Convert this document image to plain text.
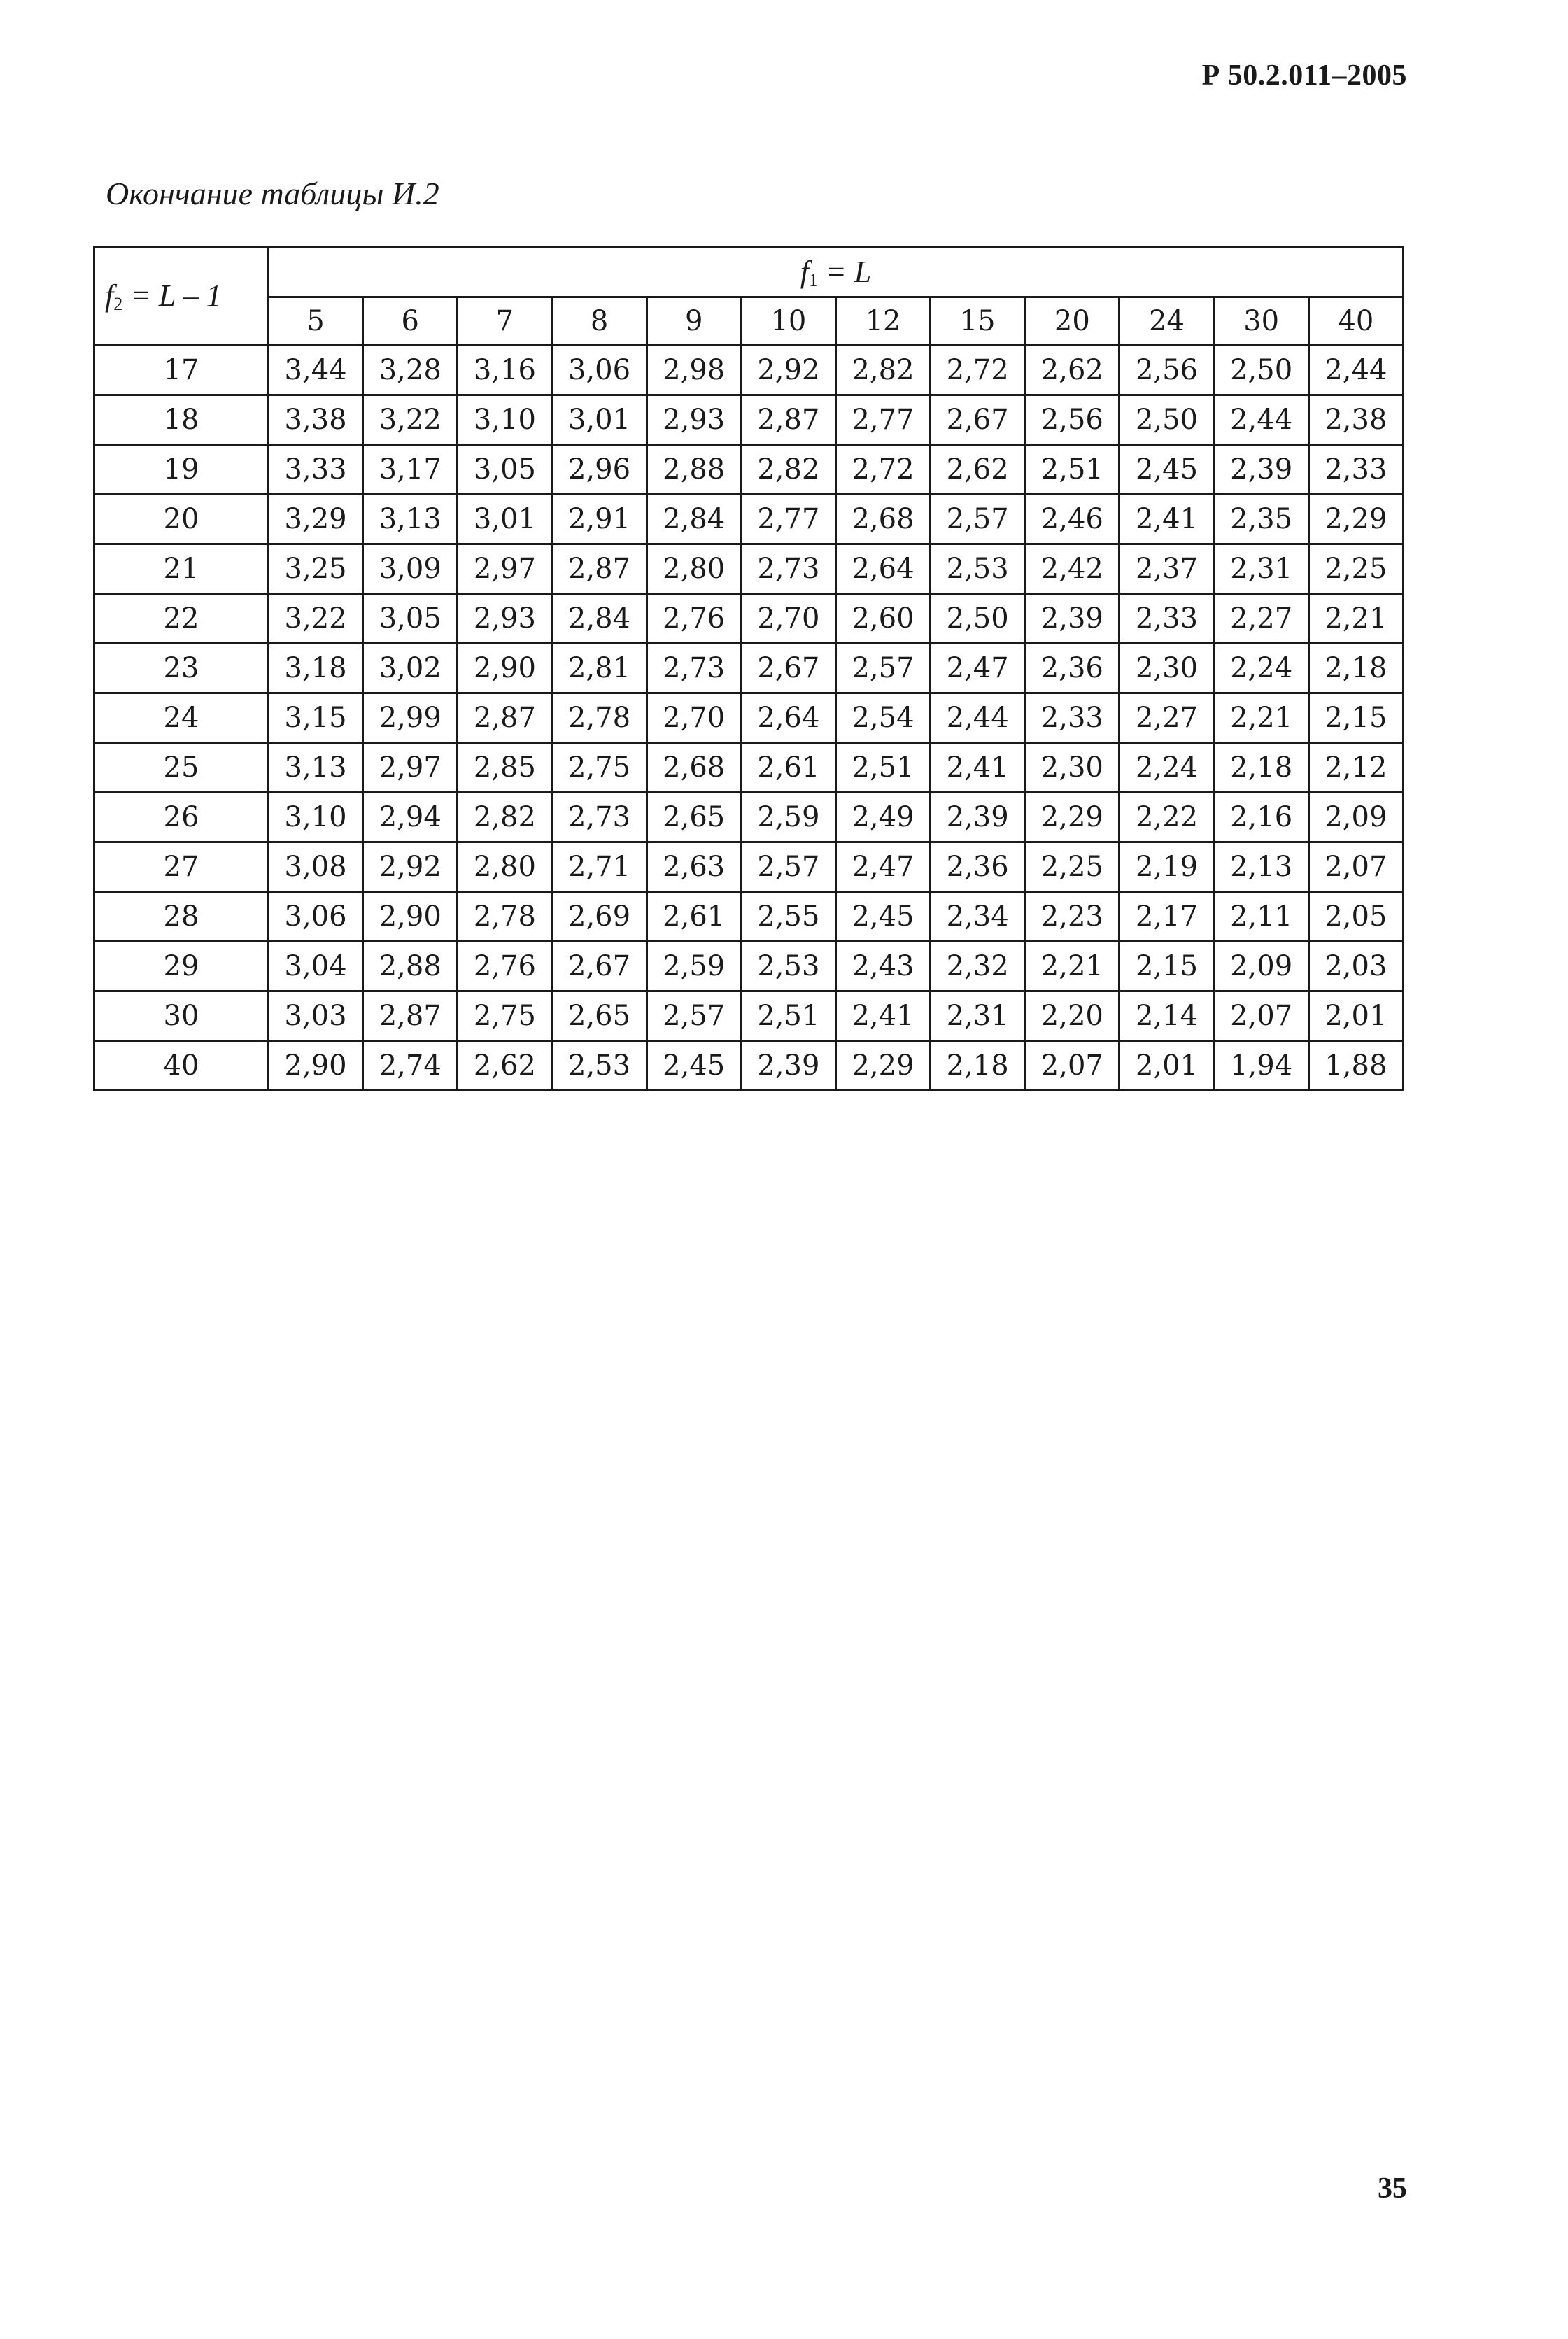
Р 50.2.011–2005
Окончание таблицы И.2
$f_2 = L - 1$	$f_1 = L$											
	5	6	7	8	9	10	12	15	20	24	30	40
17	3,44	3,28	3,16	3,06	2,98	2,92	2,82	2,72	2,62	2,56	2,50	2,44
18	3,38	3,22	3,10	3,01	2,93	2,87	2,77	2,67	2,56	2,50	2,44	2,38
19	3,33	3,17	3,05	2,96	2,88	2,82	2,72	2,62	2,51	2,45	2,39	2,33
20	3,29	3,13	3,01	2,91	2,84	2,77	2,68	2,57	2,46	2,41	2,35	2,29
21	3,25	3,09	2,97	2,87	2,80	2,73	2,64	2,53	2,42	2,37	2,31	2,25
22	3,22	3,05	2,93	2,84	2,76	2,70	2,60	2,50	2,39	2,33	2,27	2,21
23	3,18	3,02	2,90	2,81	2,73	2,67	2,57	2,47	2,36	2,30	2,24	2,18
24	3,15	2,99	2,87	2,78	2,70	2,64	2,54	2,44	2,33	2,27	2,21	2,15
25	3,13	2,97	2,85	2,75	2,68	2,61	2,51	2,41	2,30	2,24	2,18	2,12
26	3,10	2,94	2,82	2,73	2,65	2,59	2,49	2,39	2,29	2,22	2,16	2,09
27	3,08	2,92	2,80	2,71	2,63	2,57	2,47	2,36	2,25	2,19	2,13	2,07
28	3,06	2,90	2,78	2,69	2,61	2,55	2,45	2,34	2,23	2,17	2,11	2,05
29	3,04	2,88	2,76	2,67	2,59	2,53	2,43	2,32	2,21	2,15	2,09	2,03
30	3,03	2,87	2,75	2,65	2,57	2,51	2,41	2,31	2,20	2,14	2,07	2,01
40	2,90	2,74	2,62	2,53	2,45	2,39	2,29	2,18	2,07	2,01	1,94	1,88
35
